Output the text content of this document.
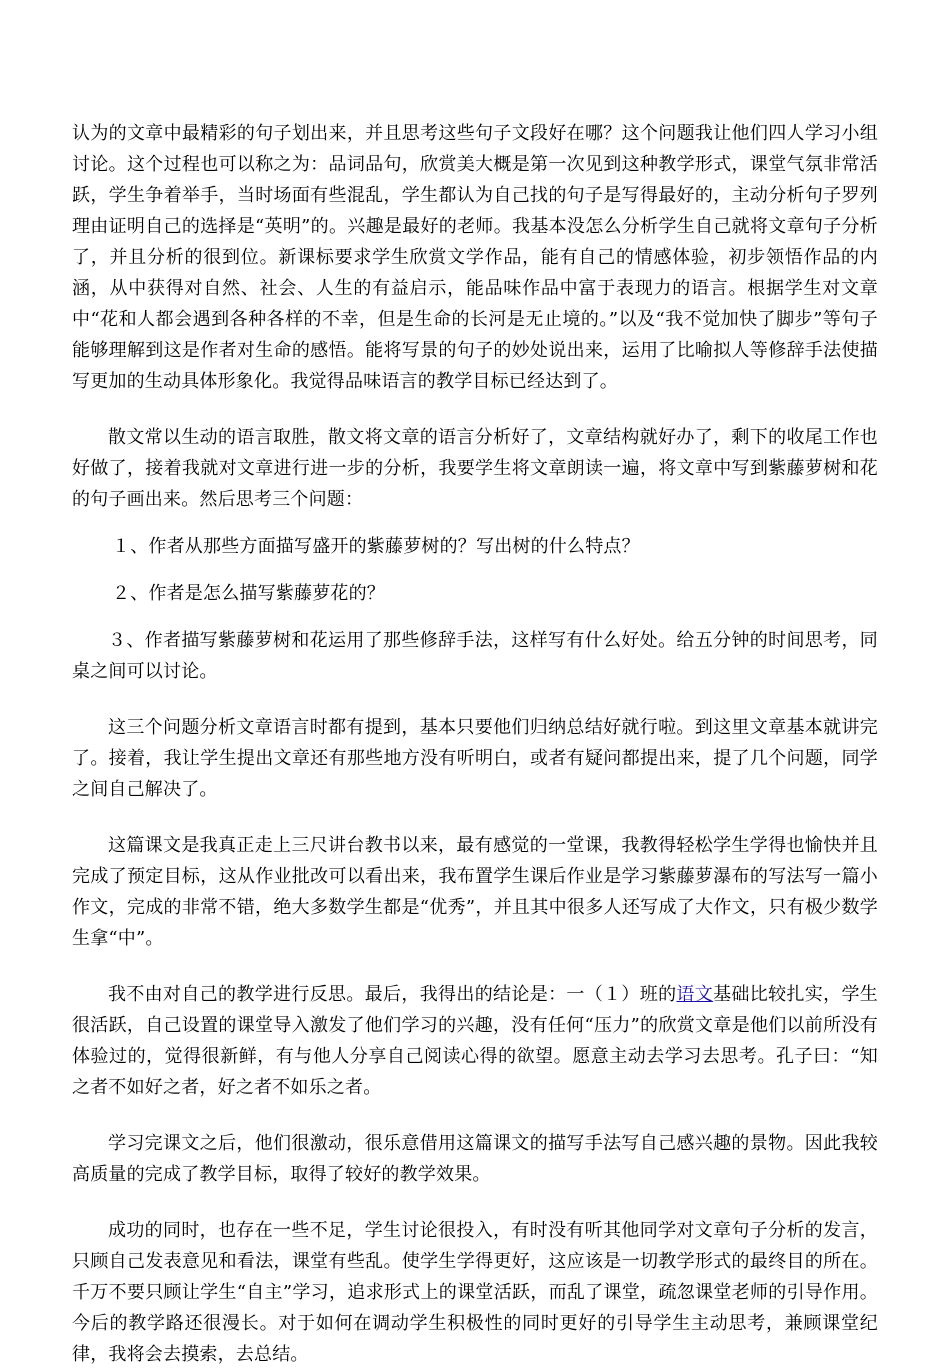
认为的文章中最精彩的句子划出来，并且思考这些句子文段好在哪？这个问题我让他们四人学习小组讨论。这个过程也可以称之为：品词品句，欣赏美大概是第一次见到这种教学形式，课堂气氛非常活跃，学生争着举手，当时场面有些混乱，学生都认为自己找的句子是写得最好的，主动分析句子罗列理由证明自己的选择是“英明”的。兴趣是最好的老师。我基本没怎么分析学生自己就将文章句子分析了，并且分析的很到位。新课标要求学生欣赏文学作品，能有自己的情感体验，初步领悟作品的内涵，从中获得对自然、社会、人生的有益启示，能品味作品中富于表现力的语言。根据学生对文章中“花和人都会遇到各种各样的不幸，但是生命的长河是无止境的。”以及“我不觉加快了脚步”等句子能够理解到这是作者对生命的感悟。能将写景的句子的妙处说出来，运用了比喻拟人等修辞手法使描写更加的生动具体形象化。我觉得品味语言的教学目标已经达到了。

散文常以生动的语言取胜，散文将文章的语言分析好了，文章结构就好办了，剩下的收尾工作也好做了，接着我就对文章进行进一步的分析，我要学生将文章朗读一遍，将文章中写到紫藤萝树和花的句子画出来。然后思考三个问题：

１、作者从那些方面描写盛开的紫藤萝树的？写出树的什么特点？

２、作者是怎么描写紫藤萝花的？

３、作者描写紫藤萝树和花运用了那些修辞手法，这样写有什么好处。给五分钟的时间思考，同桌之间可以讨论。

这三个问题分析文章语言时都有提到，基本只要他们归纳总结好就行啦。到这里文章基本就讲完了。接着，我让学生提出文章还有那些地方没有听明白，或者有疑问都提出来，提了几个问题，同学之间自己解决了。

这篇课文是我真正走上三尺讲台教书以来，最有感觉的一堂课，我教得轻松学生学得也愉快并且完成了预定目标，这从作业批改可以看出来，我布置学生课后作业是学习紫藤萝瀑布的写法写一篇小作文，完成的非常不错，绝大多数学生都是“优秀”，并且其中很多人还写成了大作文，只有极少数学生拿“中”。

我不由对自己的教学进行反思。最后，我得出的结论是：一（１）班的语文基础比较扎实，学生很活跃，自己设置的课堂导入激发了他们学习的兴趣，没有任何“压力”的欣赏文章是他们以前所没有体验过的，觉得很新鲜，有与他人分享自己阅读心得的欲望。愿意主动去学习去思考。孔子曰：“知之者不如好之者，好之者不如乐之者。

学习完课文之后，他们很激动，很乐意借用这篇课文的描写手法写自己感兴趣的景物。因此我较高质量的完成了教学目标，取得了较好的教学效果。

成功的同时，也存在一些不足，学生讨论很投入，有时没有听其他同学对文章句子分析的发言，只顾自己发表意见和看法，课堂有些乱。使学生学得更好，这应该是一切教学形式的最终目的所在。千万不要只顾让学生“自主”学习，追求形式上的课堂活跃，而乱了课堂，疏忽课堂老师的引导作用。今后的教学路还很漫长。对于如何在调动学生积极性的同时更好的引导学生主动思考，兼顾课堂纪律，我将会去摸索，去总结。
